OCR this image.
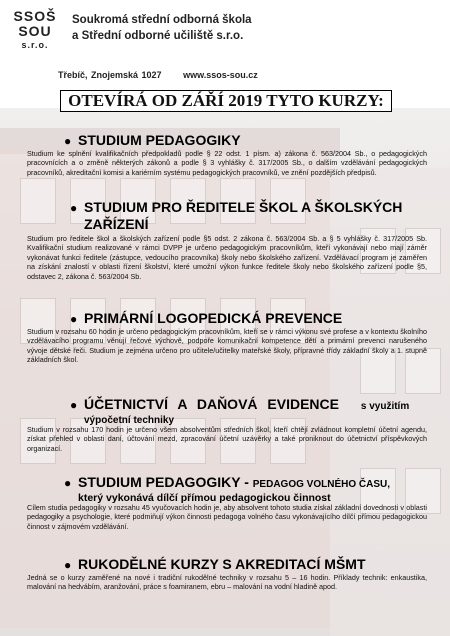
SSOŠ
SOU
s.r.o.
Soukromá střední odborná škola
a Střední odborné učiliště s.r.o.
Třebíč, Znojemská 1027 www.ssos-sou.cz
OTEVÍRÁ OD ZÁŘÍ 2019 TYTO KURZY:
● STUDIUM PEDAGOGIKY
Studium ke splnění kvalifikačních předpokladů podle § 22 odst. 1 písm. a) zákona č. 563/2004 Sb., o pedagogických pracovnících a o změně některých zákonů a podle § 3 vyhlášky č. 317/2005 Sb., o dalším vzdělávání pedagogických pracovníků, akreditační komisi a kariérním systému pedagogických pracovníků, ve znění pozdějších předpisů.
● STUDIUM PRO ŘEDITELE ŠKOL A ŠKOLSKÝCH
ZAŘÍZENÍ
Studium pro ředitele škol a školských zařízení podle §5 odst. 2 zákona č. 563/2004 Sb. a § 5 vyhlášky č. 317/2005 Sb. Kvalifikační studium realizované v rámci DVPP je určeno pedagogickým pracovníkům, kteří vykonávají nebo mají záměr vykonávat funkci ředitele (zástupce, vedoucího pracovníka) školy nebo školského zařízení. Vzdělávací program je zaměřen na získání znalostí v oblasti řízení školství, které umožní výkon funkce ředitele školy nebo školského zařízení podle §5, odstavec 2, zákona č. 563/2004 Sb.
● PRIMÁRNÍ LOGOPEDICKÁ PREVENCE
Studium v rozsahu 60 hodin je určeno pedagogickým pracovníkům, kteří se v rámci výkonu své profese a v kontextu školního vzdělávacího programu věnují řečové výchově, podpoře komunikační kompetence dětí a primární prevenci narušeného vývoje dětské řeči. Studium je zejména určeno pro učitele/učitelky mateřské školy, přípravné třídy základní školy a 1. stupně základních škol.
● ÚČETNICTVÍ A DAŇOVÁ EVIDENCE s využitím
výpočetní techniky
Studium v rozsahu 170 hodin je určeno všem absolventům středních škol, kteří chtějí zvládnout kompletní účetní agendu, získat přehled v oblasti daní, účtování mezd, zpracování účetní uzávěrky a také proniknout do účetnictví příspěvkových organizací.
● STUDIUM PEDAGOGIKY - PEDAGOG VOLNÉHO ČASU,
který vykonává dílčí přímou pedagogickou činnost
Cílem studia pedagogiky v rozsahu 45 vyučovacích hodin je, aby absolvent tohoto studia získal základní dovednosti v oblasti pedagogiky a psychologie, které podmiňují výkon činnosti pedagoga volného času vykonávajícího dílčí přímou pedagogickou činnost v zájmovém vzdělávání.
● RUKODĚLNÉ KURZY S AKREDITACÍ MŠMT
Jedná se o kurzy zaměřené na nové i tradiční rukodělné techniky v rozsahu 5 – 16 hodin. Příklady technik: enkaustika, malování na hedvábím, aranžování, práce s foamiranem, ebru – malování na vodní hladině apod.
